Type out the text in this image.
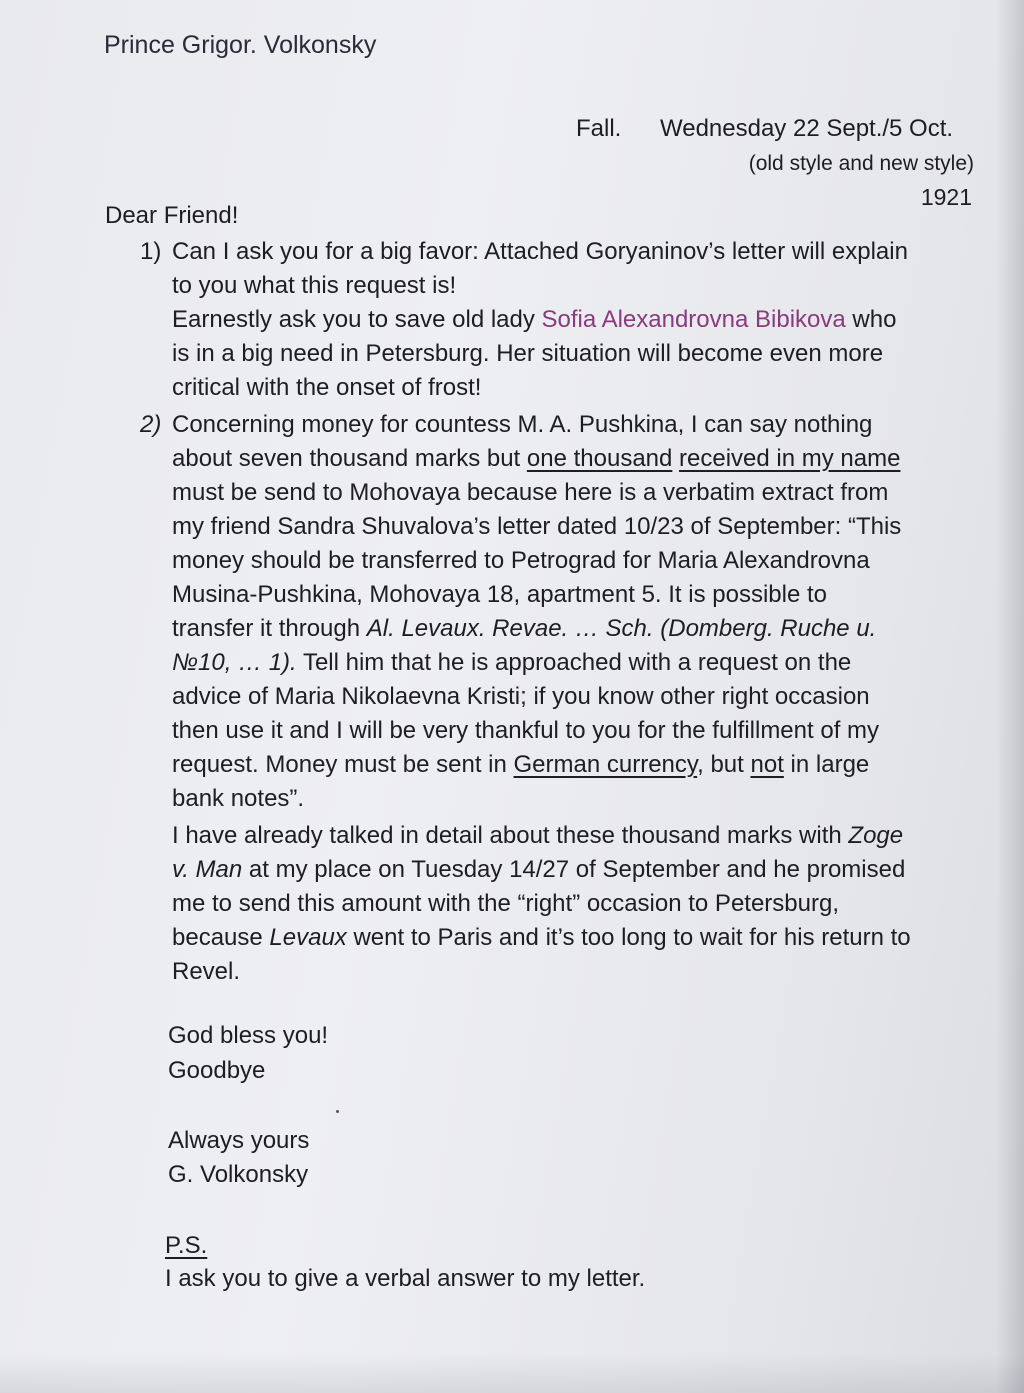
Prince Grigor. Volkonsky
Fall. Wednesday 22 Sept./5 Oct.
(old style and new style)
1921
Dear Friend!
1) Can I ask you for a big favor: Attached Goryaninov’s letter will explain
to you what this request is!
Earnestly ask you to save old lady Sofia Alexandrovna Bibikova who
is in a big need in Petersburg. Her situation will become even more
critical with the onset of frost!
2) Concerning money for countess M. A. Pushkina, I can say nothing
about seven thousand marks but one thousand received in my name
must be send to Mohovaya because here is a verbatim extract from
my friend Sandra Shuvalova’s letter dated 10/23 of September: “This
money should be transferred to Petrograd for Maria Alexandrovna
Musina-Pushkina, Mohovaya 18, apartment 5. It is possible to
transfer it through Al. Levaux. Revae. … Sch. (Domberg. Ruche u.
№10, … 1). Tell him that he is approached with a request on the
advice of Maria Nikolaevna Kristi; if you know other right occasion
then use it and I will be very thankful to you for the fulfillment of my
request. Money must be sent in German currency, but not in large
bank notes”.
I have already talked in detail about these thousand marks with Zoge
v. Man at my place on Tuesday 14/27 of September and he promised
me to send this amount with the “right” occasion to Petersburg,
because Levaux went to Paris and it’s too long to wait for his return to
Revel.
God bless you!
Goodbye
Always yours
G. Volkonsky
P.S.
I ask you to give a verbal answer to my letter.
